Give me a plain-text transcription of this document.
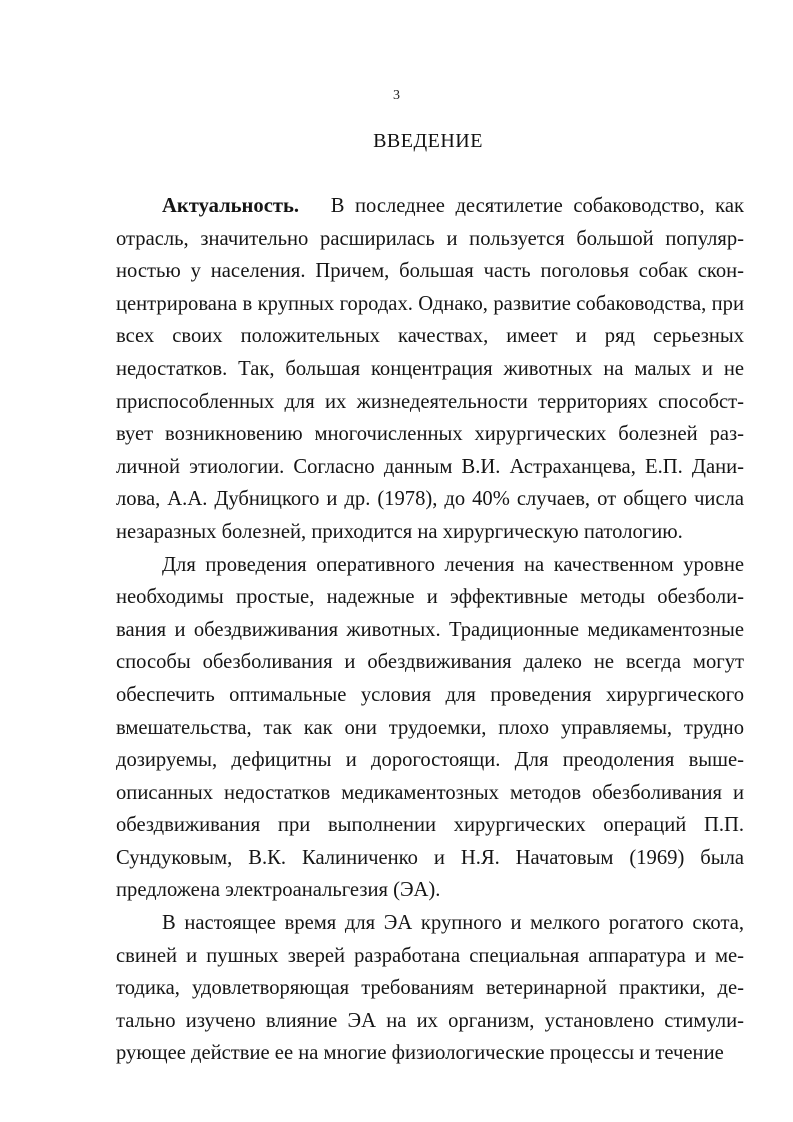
3
ВВЕДЕНИЕ

Актуальность. В последнее десятилетие собаководство, как отрасль, значительно расширилась и пользуется большой популярностью у населения. Причем, большая часть поголовья собак сконцентрирована в крупных городах. Однако, развитие собаководства, при всех своих положительных качествах, имеет и ряд серьезных недостатков. Так, большая концентрация животных на малых и не приспособленных для их жизнедеятельности территориях способствует возникновению многочисленных хирургических болезней различной этиологии. Согласно данным В.И. Астраханцева, Е.П. Данилова, А.А. Дубницкого и др. (1978), до 40% случаев, от общего числа незаразных болезней, приходится на хирургическую патологию.

Для проведения оперативного лечения на качественном уровне необходимы простые, надежные и эффективные методы обезболивания и обездвиживания животных. Традиционные медикаментозные способы обезболивания и обездвиживания далеко не всегда могут обеспечить оптимальные условия для проведения хирургического вмешательства, так как они трудоемки, плохо управляемы, трудно дозируемы, дефицитны и дорогостоящи. Для преодоления вышеописанных недостатков медикаментозных методов обезболивания и обездвиживания при выполнении хирургических операций П.П. Сундуковым, В.К. Калиниченко и Н.Я. Начатовым (1969) была предложена электроанальгезия (ЭА).

В настоящее время для ЭА крупного и мелкого рогатого скота, свиней и пушных зверей разработана специальная аппаратура и методика, удовлетворяющая требованиям ветеринарной практики, детально изучено влияние ЭА на их организм, установлено стимулирующее действие ее на многие физиологические процессы и течение
